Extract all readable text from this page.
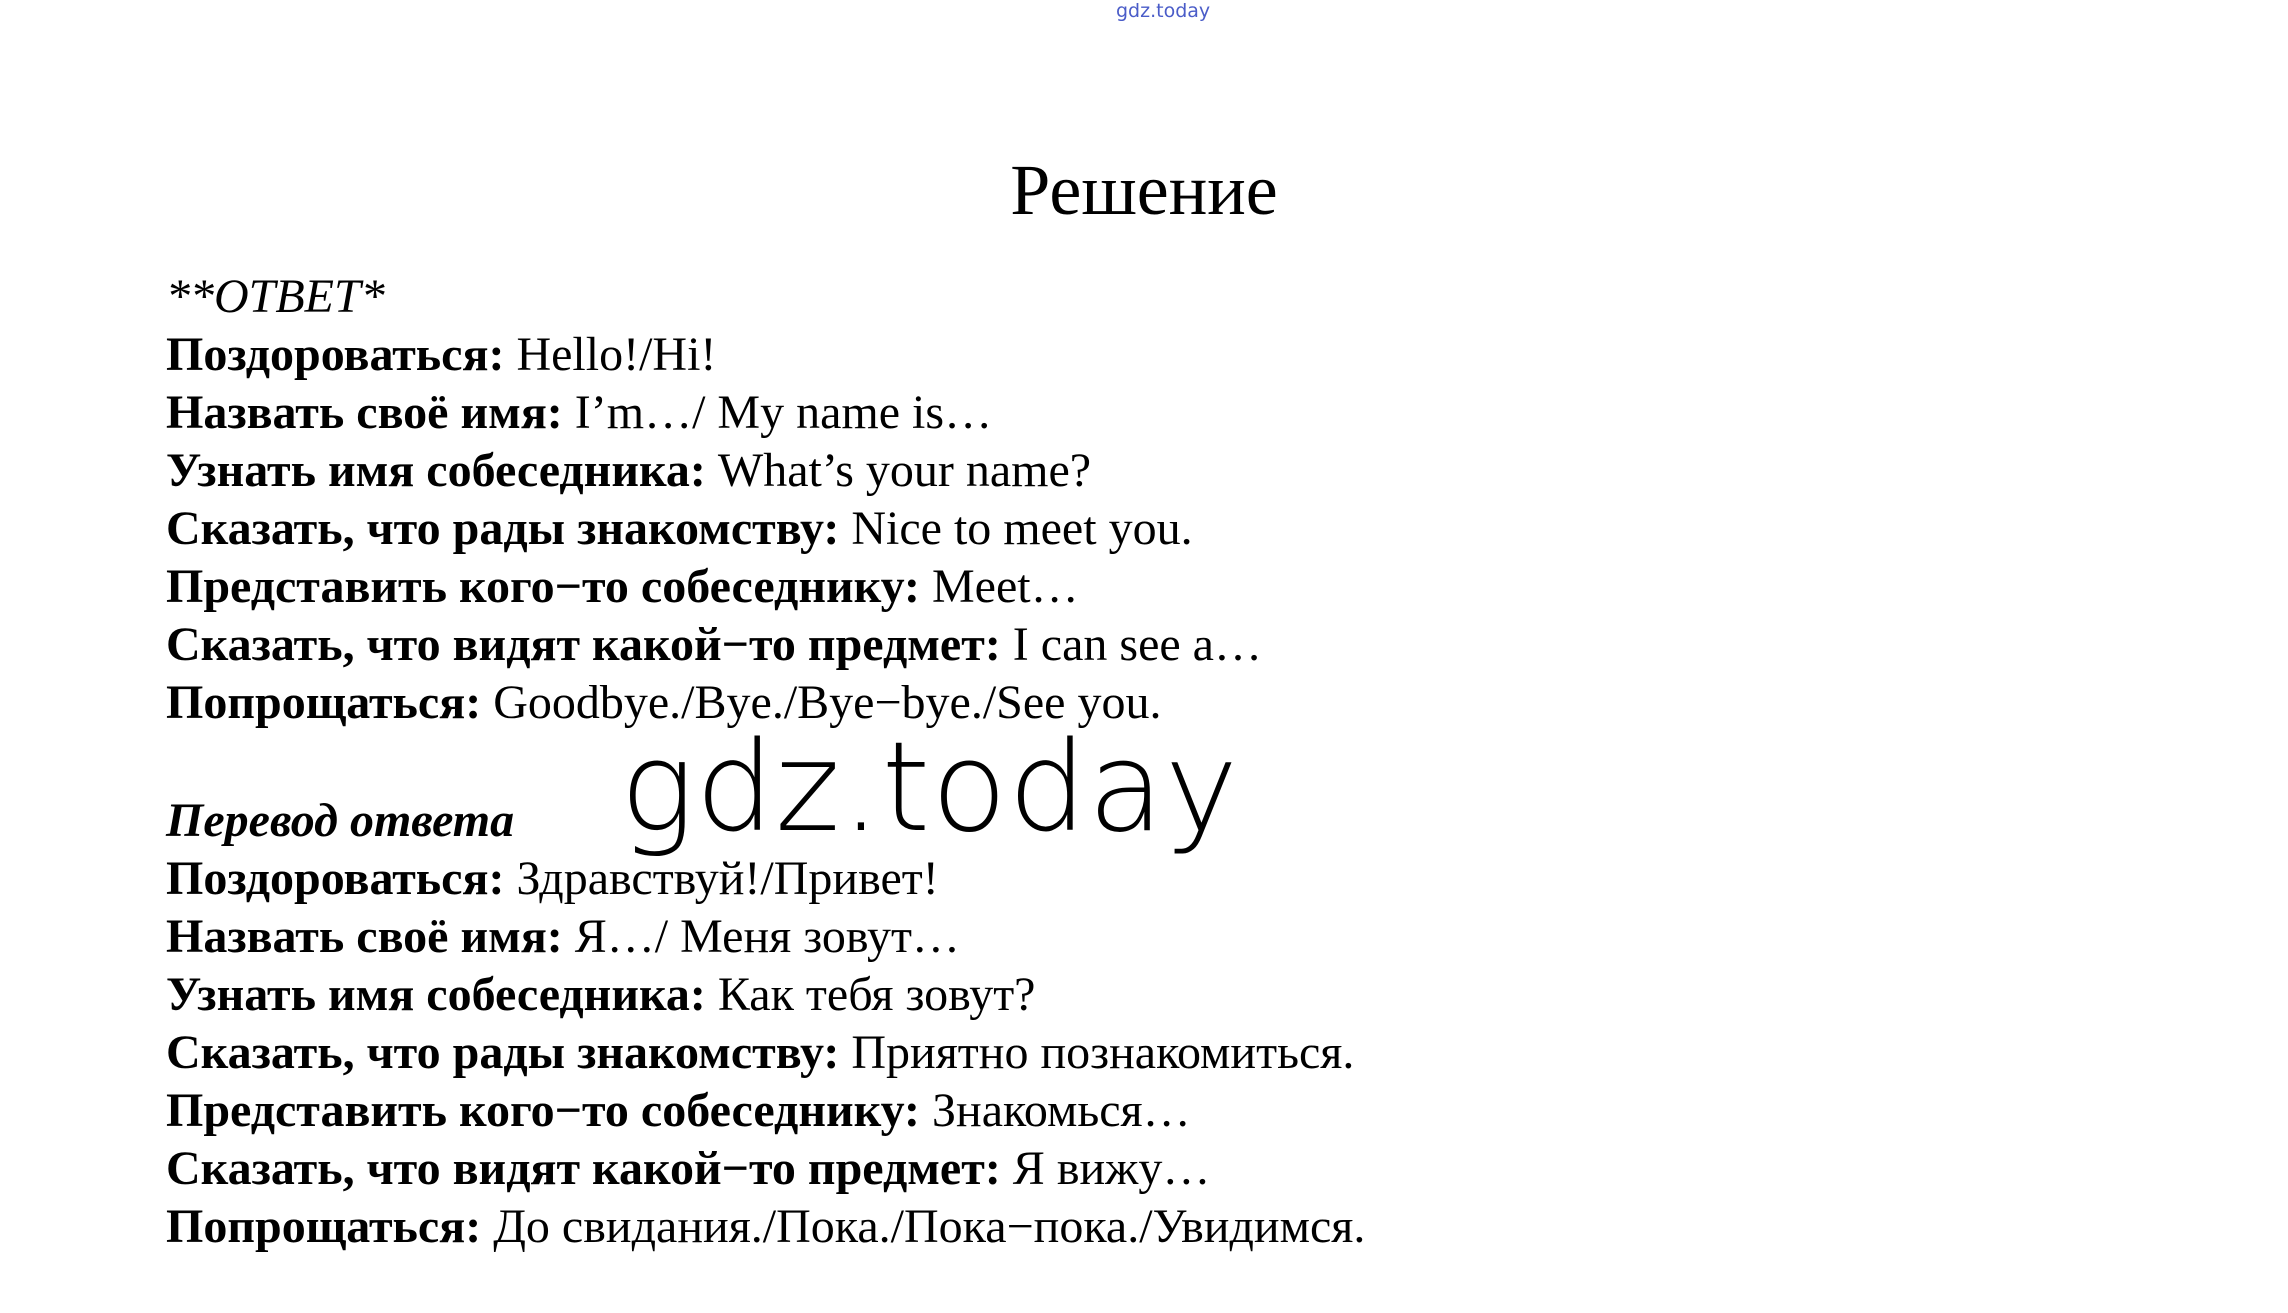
gdz.today
Решение
**ОТВЕТ*
Поздороваться: Hello!/Hi!
Назвать своё имя: I’m…/ My name is…
Узнать имя собеседника: What’s your name?
Сказать, что рады знакомству: Nice to meet you.
Представить кого−то собеседнику: Meet…
Сказать, что видят какой−то предмет: I can see a…
Попрощаться: Goodbye./Bye./Bye−bye./See you.
gdz.today
Перевод ответа
Поздороваться: Здравствуй!/Привет!
Назвать своё имя: Я…/ Меня зовут…
Узнать имя собеседника: Как тебя зовут?
Сказать, что рады знакомству: Приятно познакомиться.
Представить кого−то собеседнику: Знакомься…
Сказать, что видят какой−то предмет: Я вижу…
Попрощаться: До свидания./Пока./Пока−пока./Увидимся.
